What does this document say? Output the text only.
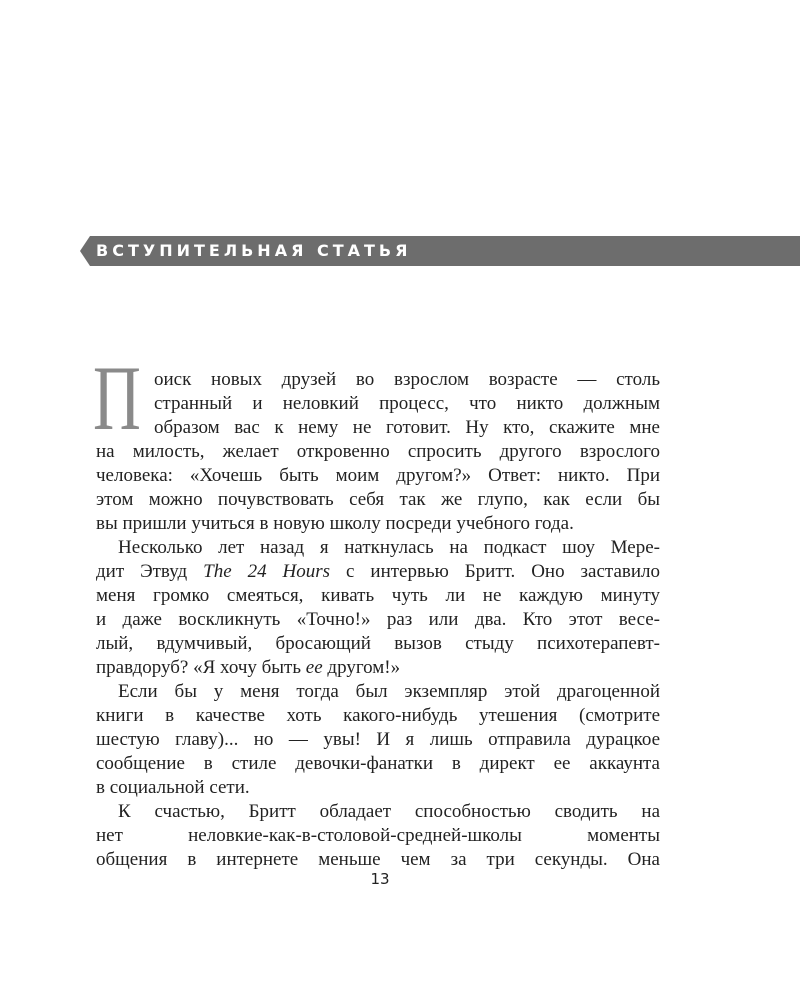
ВСТУПИТЕЛЬНАЯ СТАТЬЯ
П оиск новых друзей во взрослом возрасте — столь
странный и неловкий процесс, что никто должным
образом вас к нему не готовит. Ну кто, скажите мне
на милость, желает откровенно спросить другого взрослого
человека: «Хочешь быть моим другом?» Ответ: никто. При
этом можно почувствовать себя так же глупо, как если бы
вы пришли учиться в новую школу посреди учебного года.
Несколько лет назад я наткнулась на подкаст шоу Мере-
дит Этвуд The 24 Hours с интервью Бритт. Оно заставило
меня громко смеяться, кивать чуть ли не каждую минуту
и даже воскликнуть «Точно!» раз или два. Кто этот весе-
лый, вдумчивый, бросающий вызов стыду психотерапевт-
правдоруб? «Я хочу быть ее другом!»
Если бы у меня тогда был экземпляр этой драгоценной
книги в качестве хоть какого-нибудь утешения (смотрите
шестую главу)... но — увы! И я лишь отправила дурацкое
сообщение в стиле девочки-фанатки в директ ее аккаунта
в социальной сети.
К счастью, Бритт обладает способностью сводить на
нет неловкие-как-в-столовой-средней-школы моменты
общения в интернете меньше чем за три секунды. Она
13
